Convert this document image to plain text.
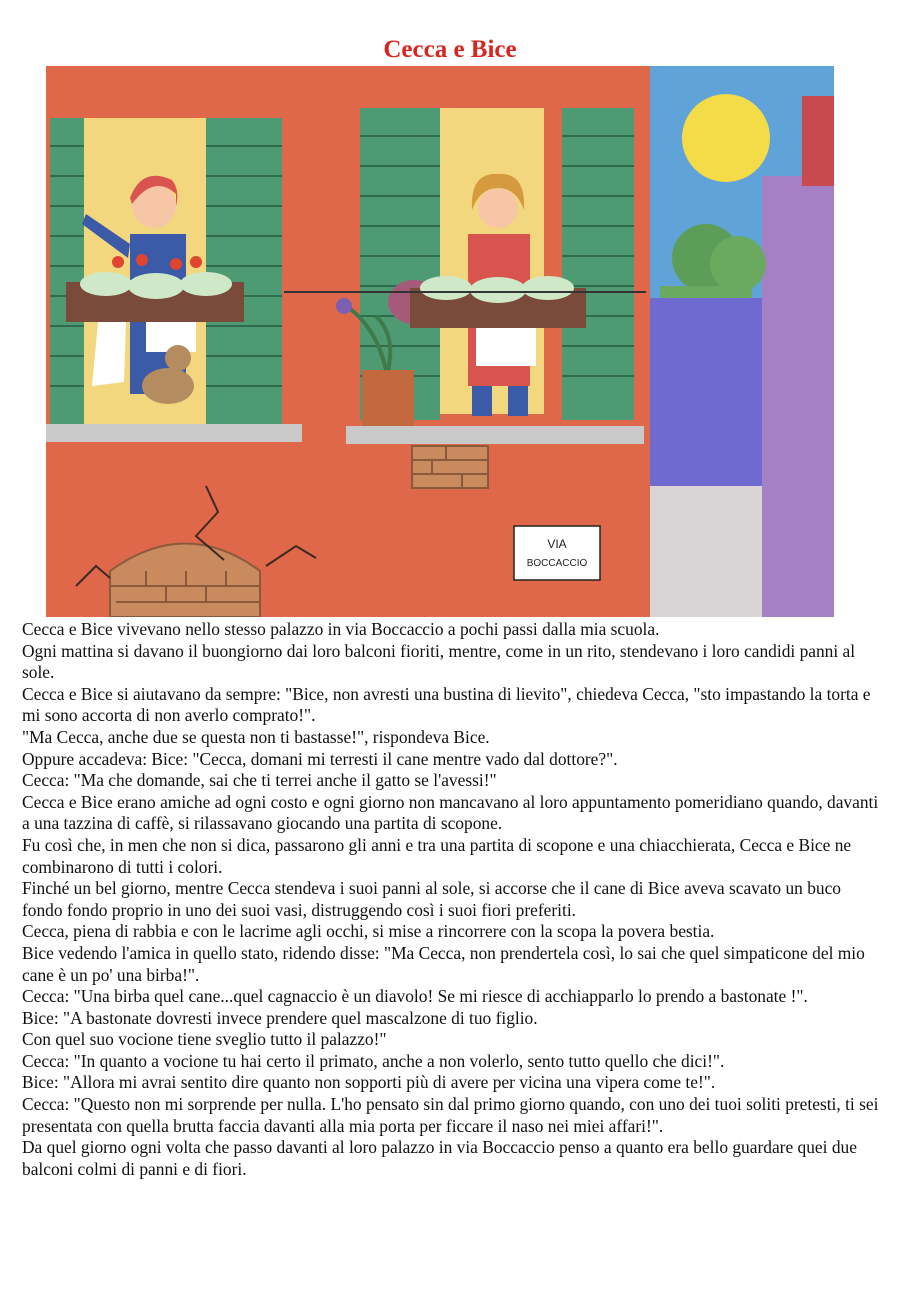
Cecca e Bice
VIA
BOCCACCIO

Cecca e Bice vivevano nello stesso palazzo in via Boccaccio a pochi passi dalla mia scuola.

Ogni mattina si davano il buongiorno dai loro balconi fioriti, mentre, come in un rito, stendevano i loro candidi panni al sole.

Cecca e Bice si aiutavano da sempre: "Bice, non avresti una bustina di lievito", chiedeva Cecca, "sto impastando la torta e mi sono accorta di non averlo comprato!".

"Ma Cecca, anche due se questa non ti bastasse!", rispondeva Bice.

Oppure accadeva: Bice: "Cecca, domani mi terresti il cane mentre vado dal dottore?".

Cecca: "Ma che domande, sai che ti terrei anche il gatto se l'avessi!"

Cecca e Bice erano amiche ad ogni costo e ogni giorno non mancavano al loro appuntamento pomeridiano quando, davanti a una tazzina di caffè, si rilassavano giocando una partita di scopone.

Fu così che, in men che non si dica, passarono gli anni e tra una partita di scopone e una chiacchierata, Cecca e Bice ne combinarono di tutti i colori.

Finché un bel giorno, mentre Cecca stendeva i suoi panni al sole, si accorse che il cane di Bice aveva scavato un buco fondo fondo proprio in uno dei suoi vasi, distruggendo così i suoi fiori preferiti.

Cecca, piena di rabbia e con le lacrime agli occhi, si mise a rincorrere con la scopa la povera bestia.

Bice vedendo l'amica in quello stato, ridendo disse: "Ma Cecca, non prendertela così, lo sai che quel simpaticone del mio cane è un po' una birba!".

Cecca: "Una birba quel cane...quel cagnaccio è un diavolo! Se mi riesce di acchiapparlo lo prendo a bastonate !".

Bice: "A bastonate dovresti invece prendere quel mascalzone di tuo figlio.

Con quel suo vocione tiene sveglio tutto il palazzo!"

Cecca: "In quanto a vocione tu hai certo il primato, anche a non volerlo, sento tutto quello che dici!".

Bice: "Allora mi avrai sentito dire quanto non sopporti più di avere per vicina una vipera come te!".

Cecca: "Questo non mi sorprende per nulla. L'ho pensato sin dal primo giorno quando, con uno dei tuoi soliti pretesti, ti sei presentata con quella brutta faccia davanti alla mia porta per ficcare il naso nei miei affari!".

Da quel giorno ogni volta che passo davanti al loro palazzo in via Boccaccio penso a quanto era bello guardare quei due balconi colmi di panni e di fiori.
